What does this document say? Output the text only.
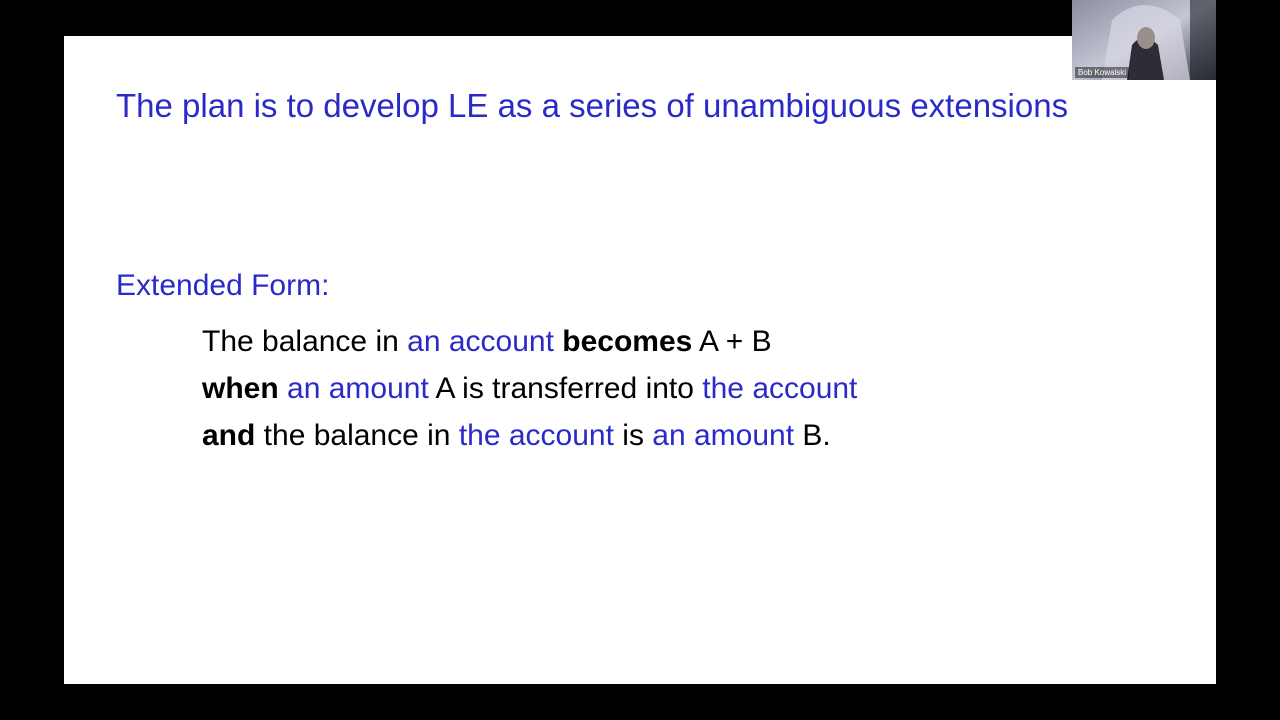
The plan is to develop LE as a series of unambiguous extensions
Extended Form:
The balance in an account becomes A + B
when an amount A is transferred into the account
and the balance in the account is an amount B.
Bob Kowalski
